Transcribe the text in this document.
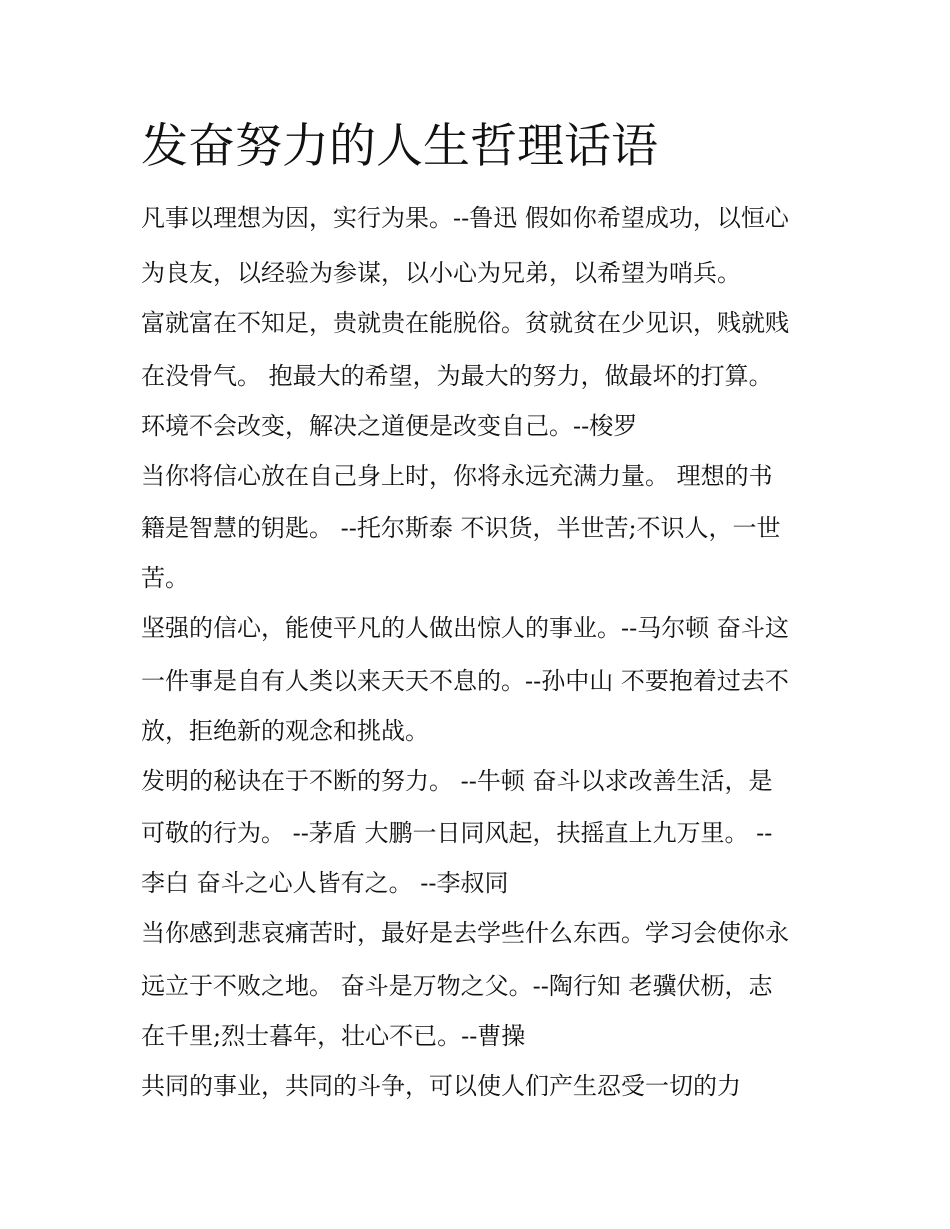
发奋努力的人生哲理话语

凡事以理想为因，实行为果。--鲁迅 假如你希望成功，以恒心

为良友，以经验为参谋，以小心为兄弟，以希望为哨兵。

富就富在不知足，贵就贵在能脱俗。贫就贫在少见识，贱就贱

在没骨气。 抱最大的希望，为最大的努力，做最坏的打算。

环境不会改变，解决之道便是改变自己。--梭罗

当你将信心放在自己身上时，你将永远充满力量。 理想的书

籍是智慧的钥匙。 --托尔斯泰 不识货，半世苦;不识人，一世

苦。

坚强的信心，能使平凡的人做出惊人的事业。--马尔顿 奋斗这

一件事是自有人类以来天天不息的。--孙中山 不要抱着过去不

放，拒绝新的观念和挑战。

发明的秘诀在于不断的努力。 --牛顿 奋斗以求改善生活，是

可敬的行为。 --茅盾 大鹏一日同风起，扶摇直上九万里。 --

李白 奋斗之心人皆有之。 --李叔同

当你感到悲哀痛苦时，最好是去学些什么东西。学习会使你永

远立于不败之地。 奋斗是万物之父。--陶行知 老骥伏枥，志

在千里;烈士暮年，壮心不已。--曹操

共同的事业，共同的斗争，可以使人们产生忍受一切的力
